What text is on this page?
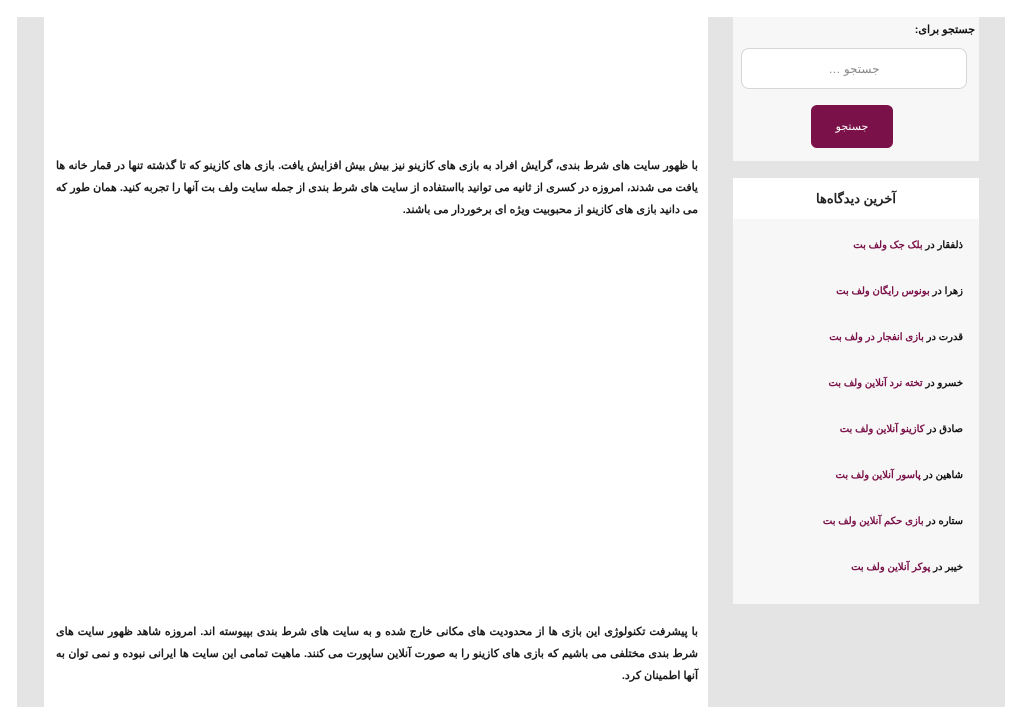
با ظهور سایت های شرط بندی، گرایش افراد به بازی های کازینو نیز بیش بیش افزایش یافت. بازی های کازینو که تا گذشته تنها در قمار خانه ها یافت می شدند، امروزه در کسری از ثانیه می توانید بااستفاده از سایت های شرط بندی از جمله سایت ولف بت آنها را تجربه کنید. همان طور که می دانید بازی های کازینو از محبوبیت ویژه ای برخوردار می باشند.

با پیشرفت تکنولوژی این بازی ها از محدودیت های مکانی خارج شده و به سایت های شرط بندی بپیوسته اند. امروزه شاهد ظهور سایت های شرط بندی مختلفی می باشیم که بازی های کازینو را به صورت آنلاین ساپورت می کنند. ماهیت تمامی این سایت ها ایرانی نبوده و نمی توان به آنها اطمینان کرد.

جستجو برای:
جستجو …
جستجو
آخرین دیدگاه‌ها
ذلفقار در بلک جک ولف بت
زهرا در بونوس رایگان ولف بت
قدرت در بازی انفجار در ولف بت
خسرو در تخته نرد آنلاین ولف بت
صادق در کازینو آنلاین ولف بت
شاهین در پاسور آنلاین ولف بت
ستاره در بازی حکم آنلاین ولف بت
خیبر در پوکر آنلاین ولف بت
